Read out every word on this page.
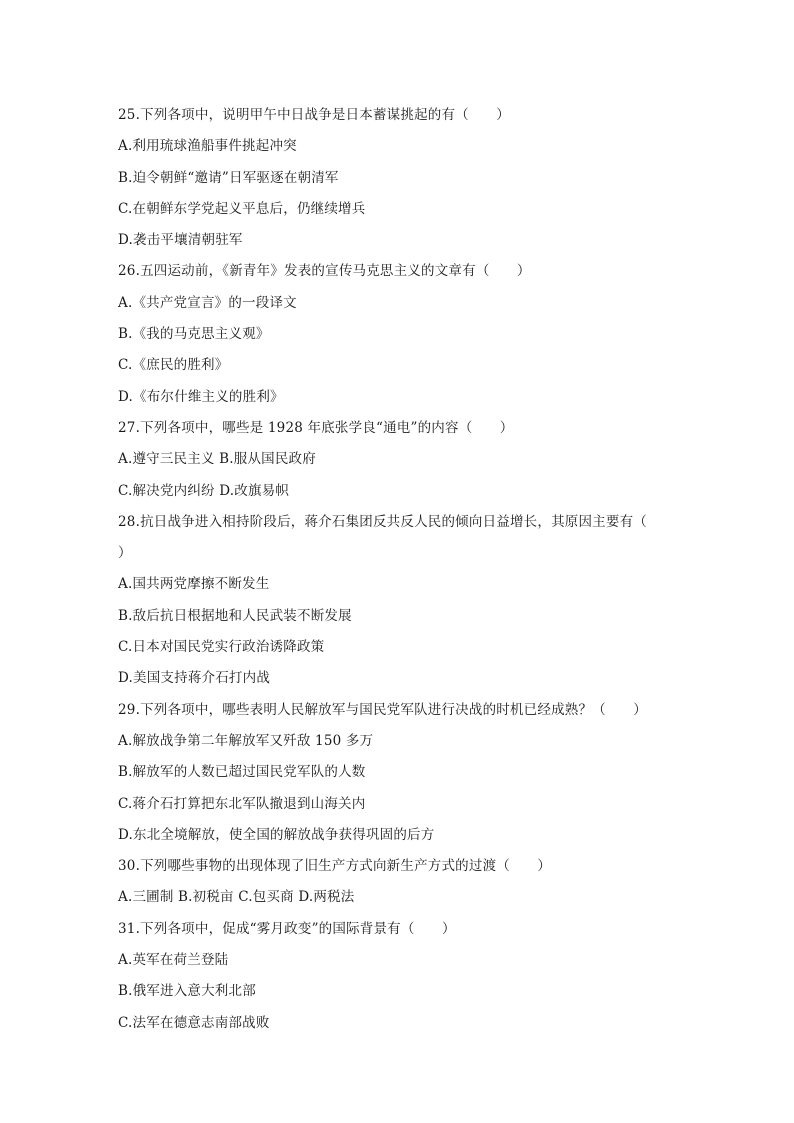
25.下列各项中，说明甲午中日战争是日本蓄谋挑起的有（　　）
A.利用琉球渔船事件挑起冲突
B.迫令朝鲜“邀请”日军驱逐在朝清军
C.在朝鲜东学党起义平息后，仍继续增兵
D.袭击平壤清朝驻军
26.五四运动前，《新青年》发表的宣传马克思主义的文章有（　　）
A.《共产党宣言》的一段译文
B.《我的马克思主义观》
C.《庶民的胜利》
D.《布尔什维主义的胜利》
27.下列各项中，哪些是 1928 年底张学良“通电”的内容（　　）
A.遵守三民主义 B.服从国民政府
C.解决党内纠纷 D.改旗易帜
28.抗日战争进入相持阶段后，蒋介石集团反共反人民的倾向日益增长，其原因主要有（
）
A.国共两党摩擦不断发生
B.敌后抗日根据地和人民武装不断发展
C.日本对国民党实行政治诱降政策
D.美国支持蒋介石打内战
29.下列各项中，哪些表明人民解放军与国民党军队进行决战的时机已经成熟？（　　）
A.解放战争第二年解放军又歼敌 150 多万
B.解放军的人数已超过国民党军队的人数
C.蒋介石打算把东北军队撤退到山海关内
D.东北全境解放，使全国的解放战争获得巩固的后方
30.下列哪些事物的出现体现了旧生产方式向新生产方式的过渡（　　）
A.三圃制 B.初税亩 C.包买商 D.两税法
31.下列各项中，促成“雾月政变”的国际背景有（　　）
A.英军在荷兰登陆
B.俄军进入意大利北部
C.法军在德意志南部战败
